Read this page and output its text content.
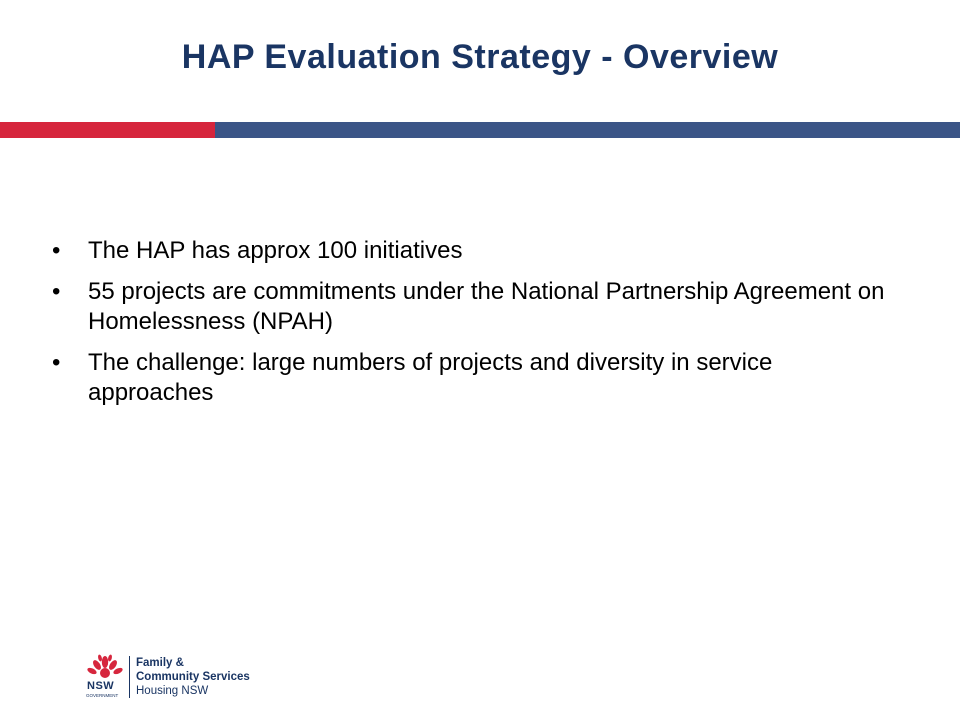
HAP Evaluation Strategy - Overview
•	The HAP has approx 100 initiatives
•	55 projects are commitments under the National Partnership Agreement on Homelessness (NPAH)
•	The challenge: large numbers of projects and diversity in service approaches
NSW
GOVERNMENT
Family &
Community Services
Housing NSW
